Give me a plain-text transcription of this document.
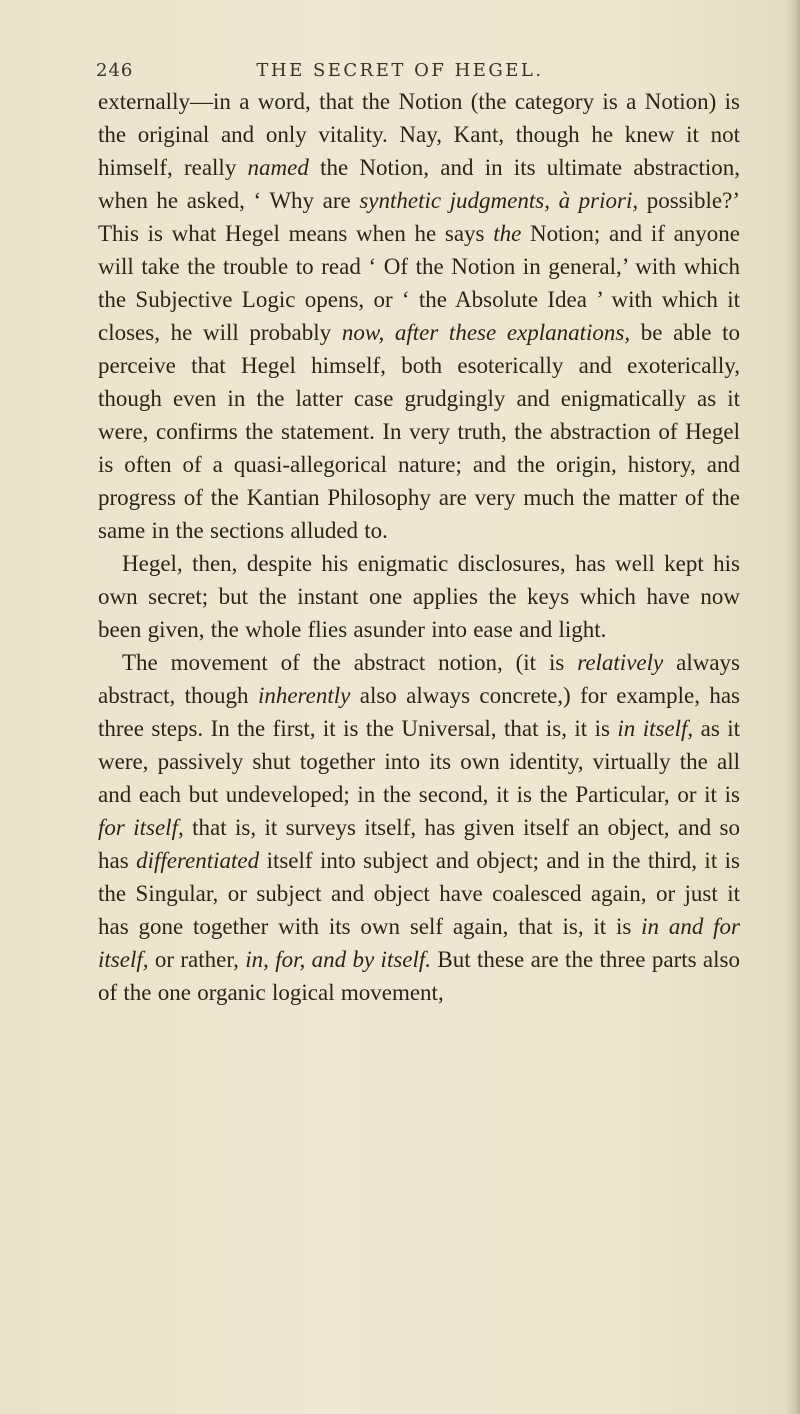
246	THE SECRET OF HEGEL.

externally—in a word, that the Notion (the category is a Notion) is the original and only vitality. Nay, Kant, though he knew it not himself, really named the Notion, and in its ultimate abstraction, when he asked, ‘ Why are synthetic judgments, à priori, possible?’ This is what Hegel means when he says the Notion; and if anyone will take the trouble to read ‘ Of the Notion in general,’ with which the Subjective Logic opens, or ‘ the Absolute Idea ’ with which it closes, he will probably now, after these explanations, be able to perceive that Hegel himself, both esoterically and exoterically, though even in the latter case grudgingly and enigmatically as it were, confirms the statement. In very truth, the abstraction of Hegel is often of a quasi-allegorical nature; and the origin, history, and progress of the Kantian Philosophy are very much the matter of the same in the sections alluded to.

Hegel, then, despite his enigmatic disclosures, has well kept his own secret; but the instant one applies the keys which have now been given, the whole flies asunder into ease and light.

The movement of the abstract notion, (it is relatively always abstract, though inherently also always concrete,) for example, has three steps. In the first, it is the Universal, that is, it is in itself, as it were, passively shut together into its own identity, virtually the all and each but undeveloped; in the second, it is the Particular, or it is for itself, that is, it surveys itself, has given itself an object, and so has differentiated itself into subject and object; and in the third, it is the Singular, or subject and object have coalesced again, or just it has gone together with its own self again, that is, it is in and for itself, or rather, in, for, and by itself. But these are the three parts also of the one organic logical movement,
